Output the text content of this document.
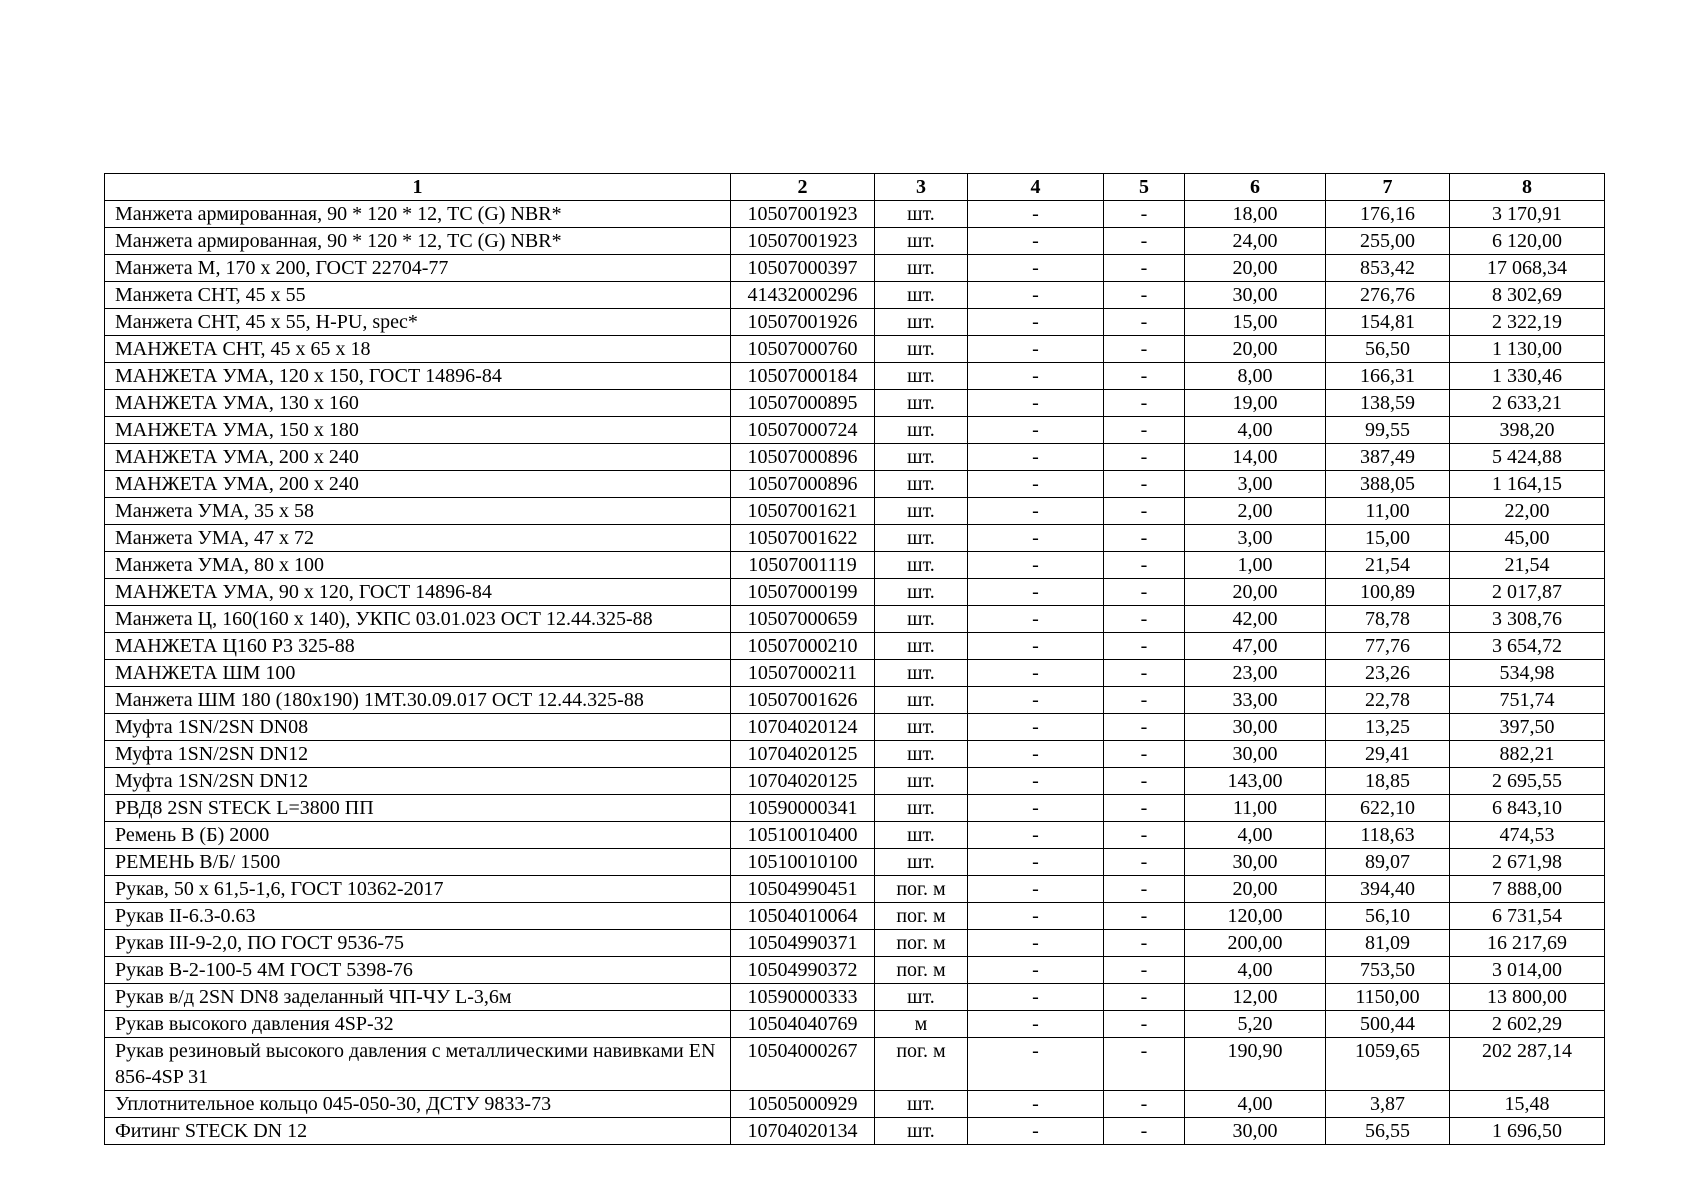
1	2	3	4	5	6	7	8
Манжета армированная, 90 * 120 * 12, TC (G) NBR*	10507001923	шт.	-	-	18,00	176,16	3 170,91
Манжета армированная, 90 * 120 * 12, TC (G) NBR*	10507001923	шт.	-	-	24,00	255,00	6 120,00
Манжета М, 170 x 200, ГОСТ 22704-77	10507000397	шт.	-	-	20,00	853,42	17 068,34
Манжета СНТ, 45 x 55	41432000296	шт.	-	-	30,00	276,76	8 302,69
Манжета СНТ, 45 x 55, H-PU, spec*	10507001926	шт.	-	-	15,00	154,81	2 322,19
МАНЖЕТА СНТ, 45 x 65 x 18	10507000760	шт.	-	-	20,00	56,50	1 130,00
МАНЖЕТА УМА, 120 x 150, ГОСТ 14896-84	10507000184	шт.	-	-	8,00	166,31	1 330,46
МАНЖЕТА УМА, 130 x 160	10507000895	шт.	-	-	19,00	138,59	2 633,21
МАНЖЕТА УМА, 150 x 180	10507000724	шт.	-	-	4,00	99,55	398,20
МАНЖЕТА УМА, 200 x 240	10507000896	шт.	-	-	14,00	387,49	5 424,88
МАНЖЕТА УМА, 200 x 240	10507000896	шт.	-	-	3,00	388,05	1 164,15
Манжета УМА, 35 x 58	10507001621	шт.	-	-	2,00	11,00	22,00
Манжета УМА, 47 x 72	10507001622	шт.	-	-	3,00	15,00	45,00
Манжета УМА, 80 x 100	10507001119	шт.	-	-	1,00	21,54	21,54
МАНЖЕТА УМА, 90 x 120, ГОСТ 14896-84	10507000199	шт.	-	-	20,00	100,89	2 017,87
Манжета Ц, 160(160 x 140), УКПС 03.01.023 ОСТ 12.44.325-88	10507000659	шт.	-	-	42,00	78,78	3 308,76
МАНЖЕТА Ц160 Р3 325-88	10507000210	шт.	-	-	47,00	77,76	3 654,72
МАНЖЕТА ШМ 100	10507000211	шт.	-	-	23,00	23,26	534,98
Манжета ШМ 180 (180x190) 1МТ.30.09.017 ОСТ 12.44.325-88	10507001626	шт.	-	-	33,00	22,78	751,74
Муфта 1SN/2SN DN08	10704020124	шт.	-	-	30,00	13,25	397,50
Муфта 1SN/2SN DN12	10704020125	шт.	-	-	30,00	29,41	882,21
Муфта 1SN/2SN DN12	10704020125	шт.	-	-	143,00	18,85	2 695,55
РВД8 2SN STECK L=3800 ПП	10590000341	шт.	-	-	11,00	622,10	6 843,10
Ремень В (Б) 2000	10510010400	шт.	-	-	4,00	118,63	474,53
РЕМЕНЬ В/Б/ 1500	10510010100	шт.	-	-	30,00	89,07	2 671,98
Рукав, 50 x 61,5-1,6, ГОСТ 10362-2017	10504990451	пог. м	-	-	20,00	394,40	7 888,00
Рукав II-6.3-0.63	10504010064	пог. м	-	-	120,00	56,10	6 731,54
Рукав III-9-2,0, ПО ГОСТ 9536-75	10504990371	пог. м	-	-	200,00	81,09	16 217,69
Рукав В-2-100-5 4М ГОСТ 5398-76	10504990372	пог. м	-	-	4,00	753,50	3 014,00
Рукав в/д 2SN DN8 заделанный ЧП-ЧУ L-3,6м	10590000333	шт.	-	-	12,00	1150,00	13 800,00
Рукав высокого давления 4SP-32	10504040769	м	-	-	5,20	500,44	2 602,29
Рукав резиновый высокого давления с металлическими навивками EN 856-4SP 31	10504000267	пог. м	-	-	190,90	1059,65	202 287,14
Уплотнительное кольцо 045-050-30, ДСТУ 9833-73	10505000929	шт.	-	-	4,00	3,87	15,48
Фитинг STECK DN 12	10704020134	шт.	-	-	30,00	56,55	1 696,50
